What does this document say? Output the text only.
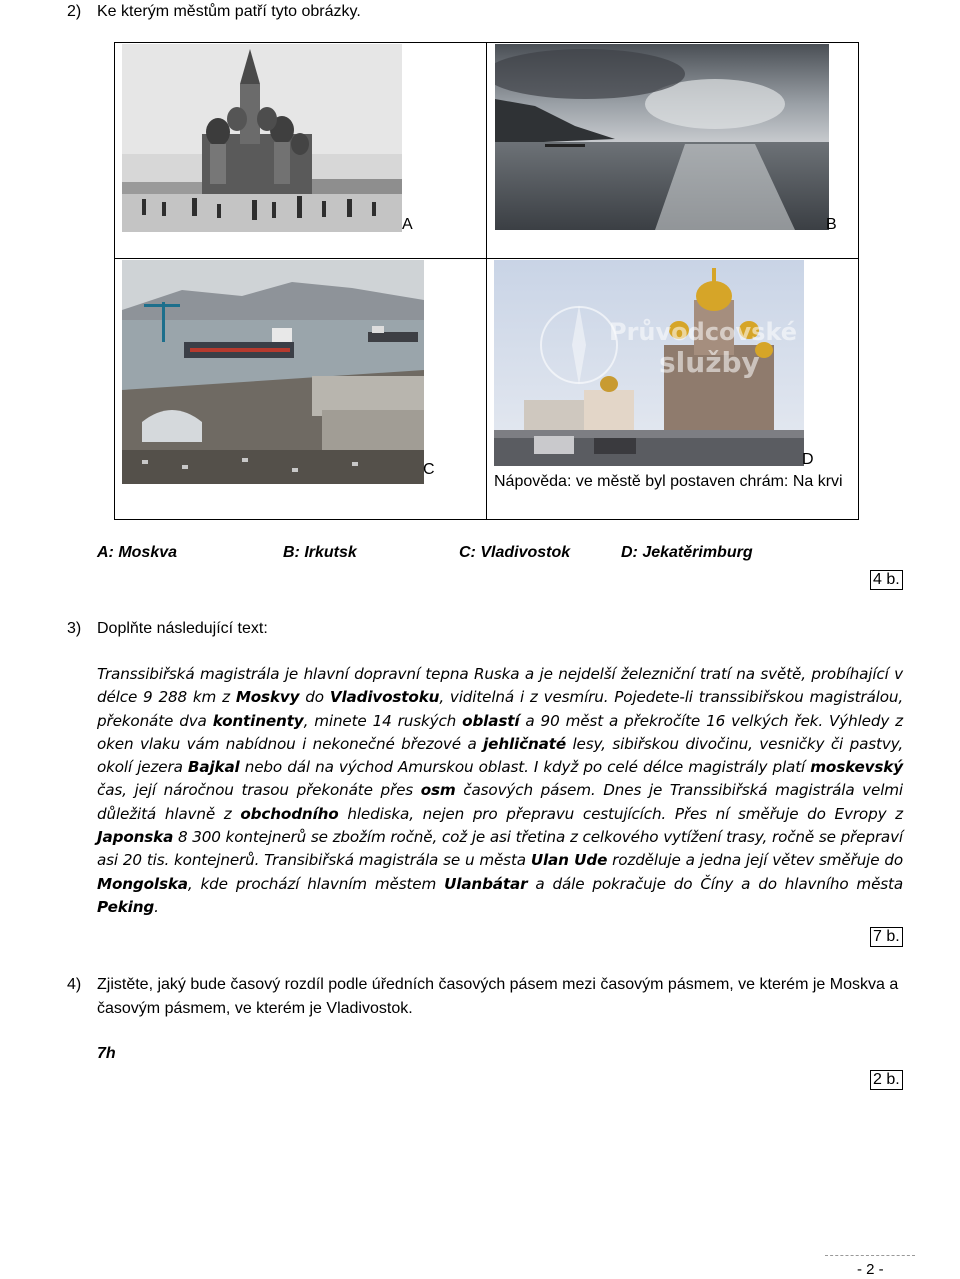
2) Ke kterým městům patří tyto obrázky.
A	B
C
Průvodcovské
služby
D
Nápověda: ve městě byl postaven chrám: Na krvi
A: Moskva	B: Irkutsk	C: Vladivostok	D: Jekatěrimburg
4 b.
3) Doplňte následující text:
Transsibiřská magistrála je hlavní dopravní tepna Ruska a je nejdelší železniční tratí na světě, probíhající v délce 9 288 km z Moskvy do Vladivostoku, viditelná i z vesmíru. Pojedete-li transsibiřskou magistrálou, překonáte dva kontinenty, minete 14 ruských oblastí a 90 měst a překročíte 16 velkých řek. Výhledy z oken vlaku vám nabídnou i nekonečné březové a jehličnaté lesy, sibiřskou divočinu, vesničky či pastvy, okolí jezera Bajkal nebo dál na východ Amurskou oblast. I když po celé délce magistrály platí moskevský čas, její náročnou trasou překonáte přes osm časových pásem. Dnes je Transsibiřská magistrála velmi důležitá hlavně z obchodního hlediska, nejen pro přepravu cestujících. Přes ní směřuje do Evropy z Japonska 8 300 kontejnerů se zbožím ročně, což je asi třetina z celkového vytížení trasy, ročně se přepraví asi 20 tis. kontejnerů. Transibiřská magistrála se u města Ulan Ude rozděluje a jedna její větev směřuje do Mongolska, kde prochází hlavním městem Ulanbátar a dále pokračuje do Číny a do hlavního města Peking.
7 b.
4) Zjistěte, jaký bude časový rozdíl podle úředních časových pásem mezi časovým pásmem, ve kterém je Moskva a časovým pásmem, ve kterém je Vladivostok.
7h
2 b.
- 2 -
